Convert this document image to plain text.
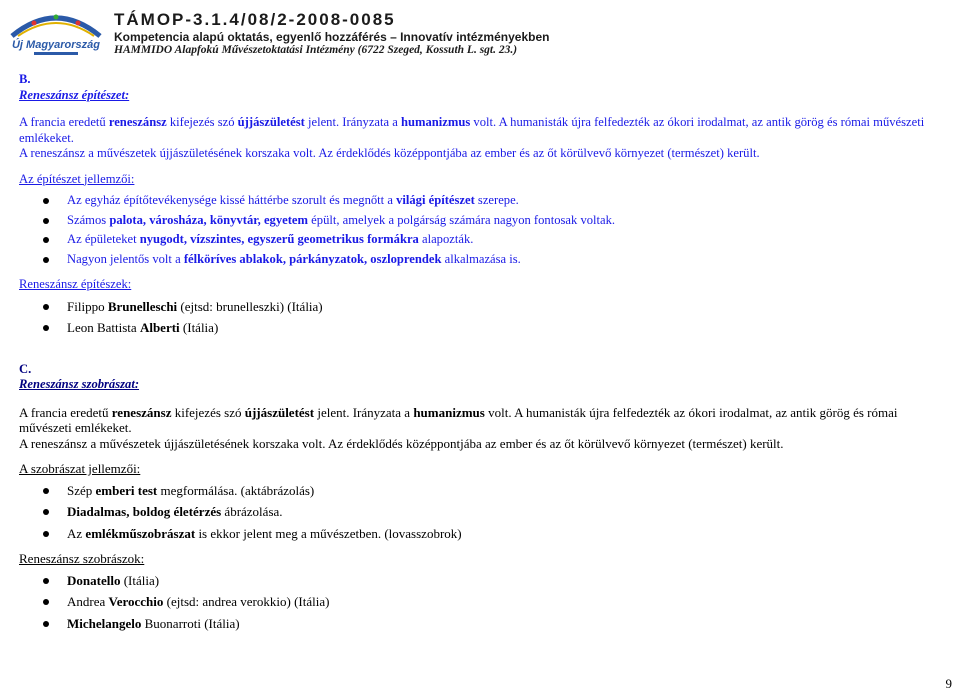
Új Magyarország
TÁMOP-3.1.4/08/2-2008-0085
Kompetencia alapú oktatás, egyenlő hozzáférés – Innovatív intézményekben
HAMMIDO Alapfokú Művészetoktatási Intézmény (6722 Szeged, Kossuth L. sgt. 23.)
B.
Reneszánsz építészet:

A francia eredetű reneszánsz kifejezés szó újjászületést jelent. Irányzata a humanizmus volt. A humanisták újra felfedezték az ókori irodalmat, az antik görög és római művészeti emlékeket.

A reneszánsz a művészetek újjászületésének korszaka volt. Az érdeklődés középpontjába az ember és az őt körülvevő környezet (természet) került.

Az építészet jellemzői:

Az egyház építőtevékenysége kissé háttérbe szorult és megnőtt a világi építészet szerepe.
Számos palota, városháza, könyvtár, egyetem épült, amelyek a polgárság számára nagyon fontosak voltak.
Az épületeket nyugodt, vízszintes, egyszerű geometrikus formákra alapozták.
Nagyon jelentős volt a félköríves ablakok, párkányzatok, oszloprendek alkalmazása is.

Reneszánsz építészek:

Filippo Brunelleschi (ejtsd: brunelleszki) (Itália)
Leon Battista Alberti (Itália)
C.
Reneszánsz szobrászat:

A francia eredetű reneszánsz kifejezés szó újjászületést jelent. Irányzata a humanizmus volt. A humanisták újra felfedezték az ókori irodalmat, az antik görög és római művészeti emlékeket.

A reneszánsz a művészetek újjászületésének korszaka volt. Az érdeklődés középpontjába az ember és az őt körülvevő környezet (természet) került.

A szobrászat jellemzői:

Szép emberi test megformálása. (aktábrázolás)
Diadalmas, boldog életérzés ábrázolása.
Az emlékműszobrászat is ekkor jelent meg a művészetben. (lovasszobrok)

Reneszánsz szobrászok:

Donatello (Itália)
Andrea Verocchio (ejtsd: andrea verokkio) (Itália)
Michelangelo Buonarroti (Itália)
9
